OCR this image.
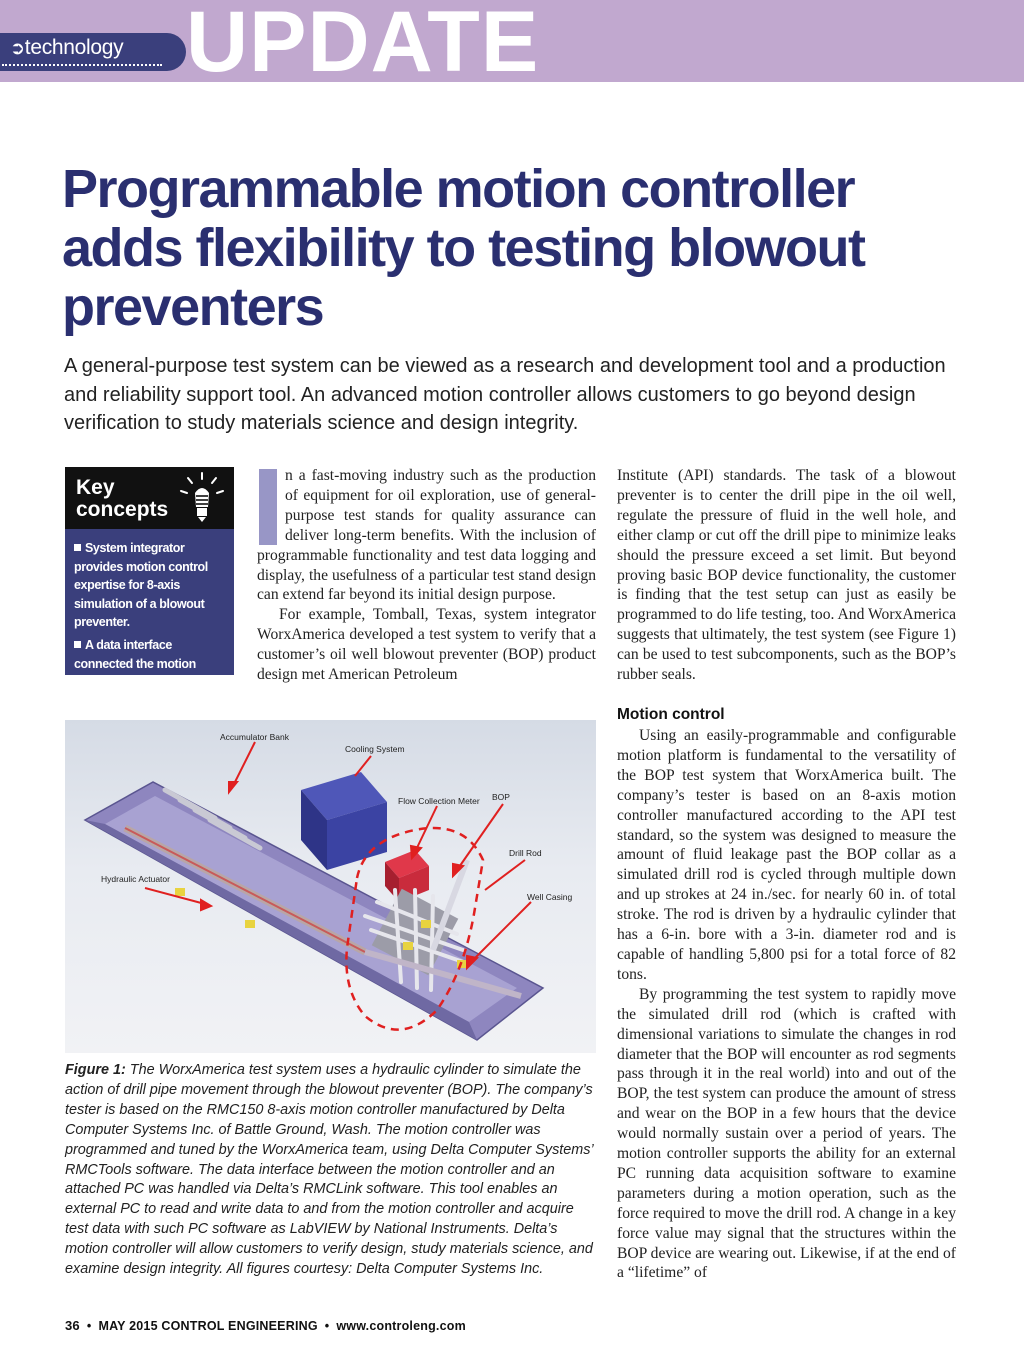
UPDATE
➲technology
Programmable motion controller adds flexibility to testing blowout preventers

A general-purpose test system can be viewed as a research and development tool and a production and reliability support tool. An advanced motion controller allows customers to go beyond design verification to study materials science and design integrity.

Key concepts
System integrator provides motion control expertise for 8-axis simulation of a blowout preventer.
A data interface connected the motion controller and PC.

n a fast-moving industry such as the production of equipment for oil exploration, use of general-purpose test stands for quality assurance can deliver long-term benefits. With the inclusion of programmable functionality and test data logging and display, the usefulness of a particular test stand design can extend far beyond its initial design purpose.

For example, Tomball, Texas, system integrator WorxAmerica developed a test system to verify that a customer’s oil well blowout preventer (BOP) product design met American Petroleum

Institute (API) standards. The task of a blowout preventer is to center the drill pipe in the oil well, regulate the pressure of fluid in the well hole, and either clamp or cut off the drill pipe to minimize leaks should the pressure exceed a set limit. But beyond proving basic BOP device functionality, the customer is finding that the test setup can just as easily be programmed to do life testing, too. And WorxAmerica suggests that ultimately, the test system (see Figure 1) can be used to test subcomponents, such as the BOP’s rubber seals.

Motion control

Using an easily-programmable and configurable motion platform is fundamental to the versatility of the BOP test system that WorxAmerica built. The company’s tester is based on an 8-axis motion controller manufactured according to the API test standard, so the system was designed to measure the amount of fluid leakage past the BOP collar as a simulated drill rod is cycled through multiple down and up strokes at 24 in./sec. for nearly 60 in. of total stroke. The rod is driven by a hydraulic cylinder that has a 6-in. bore with a 3-in. diameter rod and is capable of handling 5,800 psi for a total force of 82 tons.

By programming the test system to rapidly move the simulated drill rod (which is crafted with dimensional variations to simulate the changes in rod diameter that the BOP will encounter as rod segments pass through it in the real world) into and out of the BOP, the test system can produce the amount of stress and wear on the BOP in a few hours that the device would normally sustain over a period of years. The motion controller supports the ability for an external PC running data acquisition software to examine parameters during a motion operation, such as the force required to move the drill rod. A change in a key force value may signal that the structures within the BOP device are wearing out. Likewise, if at the end of a “lifetime” of

Accumulator Bank
Cooling System
Flow Collection Meter BOP
Drill Rod
Hydraulic Actuator
Well Casing

Figure 1: The WorxAmerica test system uses a hydraulic cylinder to simulate the action of drill pipe movement through the blowout preventer (BOP). The company’s tester is based on the RMC150 8-axis motion controller manufactured by Delta Computer Systems Inc. of Battle Ground, Wash. The motion controller was programmed and tuned by the WorxAmerica team, using Delta Computer Systems’ RMCTools software. The data interface between the motion controller and an attached PC was handled via Delta’s RMCLink software. This tool enables an external PC to read and write data to and from the motion controller and acquire test data with such PC software as LabVIEW by National Instruments. Delta’s motion controller will allow customers to verify design, study materials science, and examine design integrity. All figures courtesy: Delta Computer Systems Inc.

36 • MAY 2015 CONTROL ENGINEERING • www.controleng.com
